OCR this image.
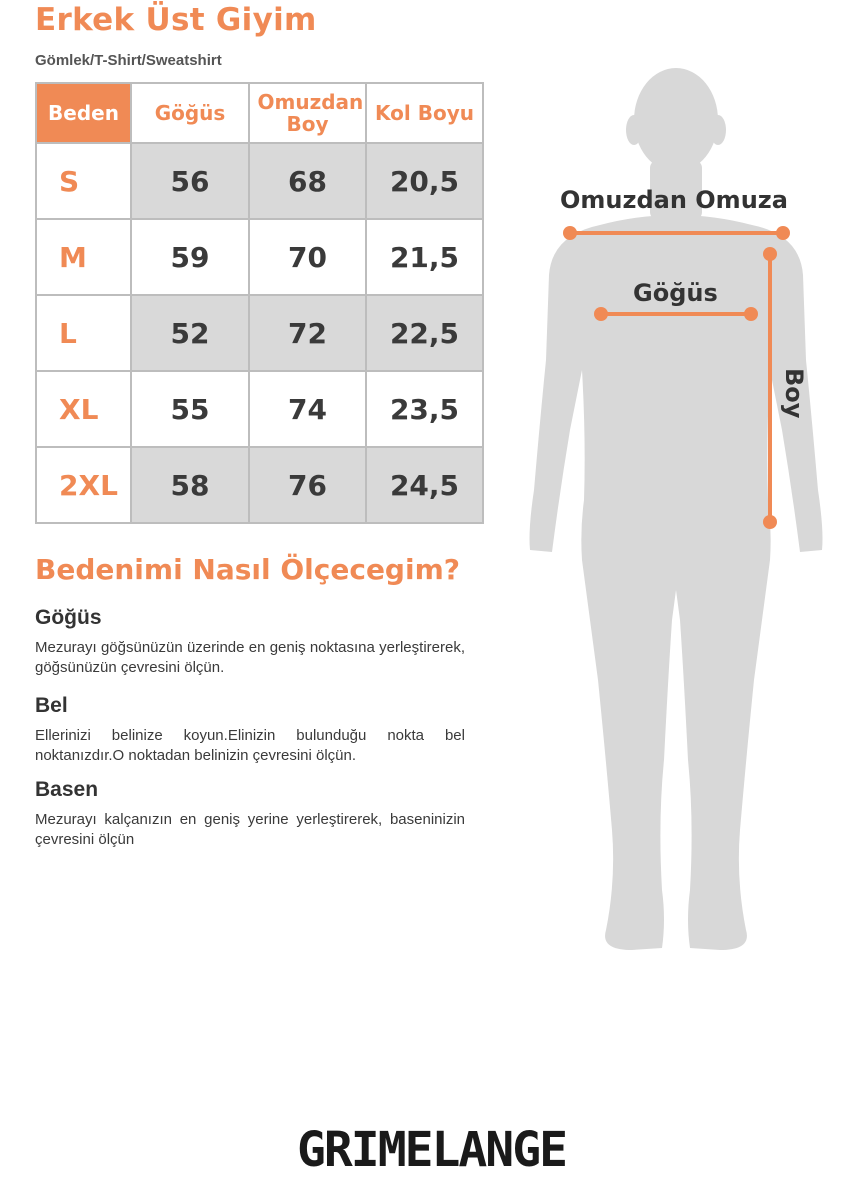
Erkek Üst Giyim
Gömlek/T-Shirt/Sweatshirt
Beden	Göğüs	Omuzdan Boy	Kol Boyu
S	56	68	20,5
M	59	70	21,5
L	52	72	22,5
XL	55	74	23,5
2XL	58	76	24,5
Bedenimi Nasıl Ölçecegim?
Göğüs
Mezurayı göğsünüzün üzerinde en geniş noktasına yerleştirerek, göğsünüzün çevresini ölçün.
Bel
Ellerinizi belinize koyun.Elinizin bulunduğu nokta bel noktanızdır.O noktadan belinizin çevresini ölçün.
Basen
Mezurayı kalçanızın en geniş yerine yerleştirerek, baseninizin çevresini ölçün
Omuzdan Omuza
Göğüs
Boy
GRIMELANGE
